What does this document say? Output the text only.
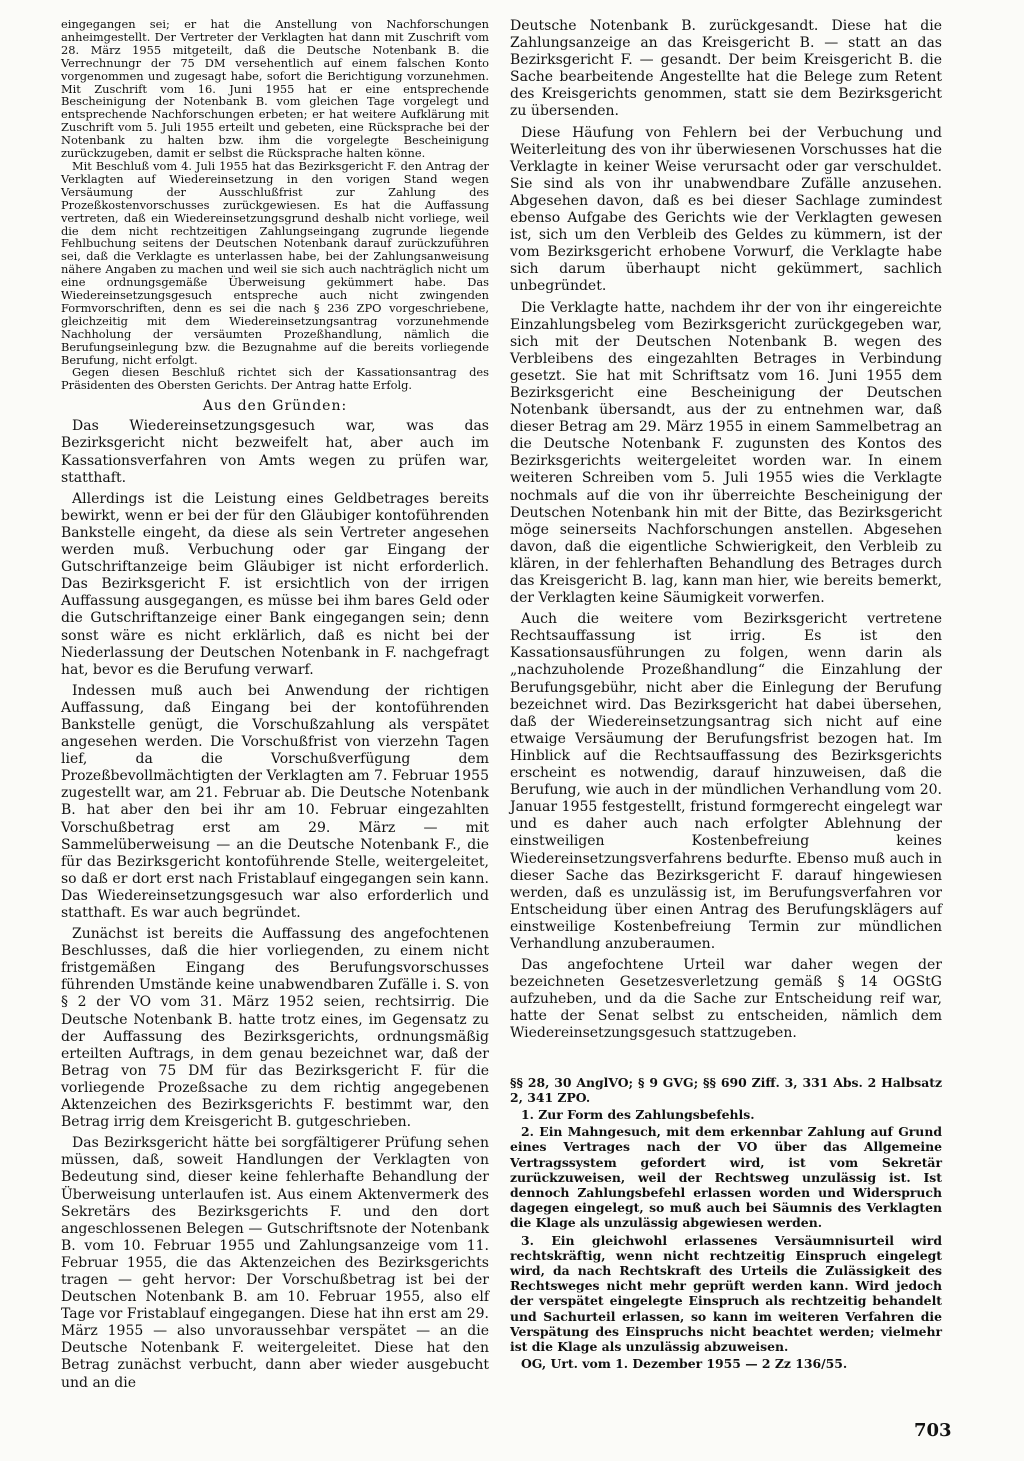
eingegangen sei; er hat die Anstellung von Nachforschungen anheimgestellt. Der Vertreter der Verklagten hat dann mit Zuschrift vom 28. März 1955 mitgeteilt, daß die Deutsche Notenbank B. die Verrechnungr der 75 DM versehentlich auf einem falschen Konto vorgenommen und zugesagt habe, sofort die Berichtigung vorzunehmen. Mit Zuschrift vom 16. Juni 1955 hat er eine entsprechende Bescheinigung der Notenbank B. vom gleichen Tage vorgelegt und entsprechende Nachforschungen erbeten; er hat weitere Aufklärung mit Zuschrift vom 5. Juli 1955 erteilt und gebeten, eine Rücksprache bei der Notenbank zu halten bzw. ihm die vorgelegte Bescheinigung zurückzugeben, damit er selbst die Rücksprache halten könne.

Mit Beschluß vom 4. Juli 1955 hat das Bezirksgericht F. den Antrag der Verklagten auf Wiedereinsetzung in den vorigen Stand wegen Versäumung der Ausschlußfrist zur Zahlung des Prozeßkostenvorschusses zurückgewiesen. Es hat die Auffassung vertreten, daß ein Wiedereinsetzungsgrund deshalb nicht vorliege, weil die dem nicht rechtzeitigen Zahlungseingang zugrunde liegende Fehlbuchung seitens der Deutschen Notenbank darauf zurückzuführen sei, daß die Verklagte es unterlassen habe, bei der Zahlungsanweisung nähere Angaben zu machen und weil sie sich auch nachträglich nicht um eine ordnungsgemäße Überweisung gekümmert habe. Das Wiedereinsetzungsgesuch entspreche auch nicht zwingenden Formvorschriften, denn es sei die nach § 236 ZPO vorgeschriebene, gleichzeitig mit dem Wiedereinsetzungsantrag vorzunehmende Nachholung der versäumten Prozeßhandlung, nämlich die Berufungseinlegung bzw. die Bezugnahme auf die bereits vorliegende Berufung, nicht erfolgt.

Gegen diesen Beschluß richtet sich der Kassationsantrag des Präsidenten des Obersten Gerichts. Der Antrag hatte Erfolg.

Aus den Gründen:

Das Wiedereinsetzungsgesuch war, was das Bezirksgericht nicht bezweifelt hat, aber auch im Kassationsverfahren von Amts wegen zu prüfen war, statthaft.

Allerdings ist die Leistung eines Geldbetrages bereits bewirkt, wenn er bei der für den Gläubiger kontoführenden Bankstelle eingeht, da diese als sein Vertreter angesehen werden muß. Verbuchung oder gar Eingang der Gutschriftanzeige beim Gläubiger ist nicht erforderlich. Das Bezirksgericht F. ist ersichtlich von der irrigen Auffassung ausgegangen, es müsse bei ihm bares Geld oder die Gutschriftanzeige einer Bank eingegangen sein; denn sonst wäre es nicht erklärlich, daß es nicht bei der Niederlassung der Deutschen Notenbank in F. nachgefragt hat, bevor es die Berufung verwarf.

Indessen muß auch bei Anwendung der richtigen Auffassung, daß Eingang bei der kontoführenden Bankstelle genügt, die Vorschußzahlung als verspätet angesehen werden. Die Vorschußfrist von vierzehn Tagen lief, da die Vorschußverfügung dem Prozeßbevollmächtigten der Verklagten am 7. Februar 1955 zugestellt war, am 21. Februar ab. Die Deutsche Notenbank B. hat aber den bei ihr am 10. Februar eingezahlten Vorschußbetrag erst am 29. März — mit Sammelüberweisung — an die Deutsche Notenbank F., die für das Bezirksgericht kontoführende Stelle, weitergeleitet, so daß er dort erst nach Fristablauf eingegangen sein kann. Das Wiedereinsetzungsgesuch war also erforderlich und statthaft. Es war auch begründet.

Zunächst ist bereits die Auffassung des angefochtenen Beschlusses, daß die hier vorliegenden, zu einem nicht fristgemäßen Eingang des Berufungsvorschusses führenden Umstände keine unabwendbaren Zufälle i. S. von § 2 der VO vom 31. März 1952 seien, rechtsirrig. Die Deutsche Notenbank B. hatte trotz eines, im Gegensatz zu der Auffassung des Bezirksgerichts, ordnungsmäßig erteilten Auftrags, in dem genau bezeichnet war, daß der Betrag von 75 DM für das Bezirksgericht F. für die vorliegende Prozeßsache zu dem richtig angegebenen Aktenzeichen des Bezirksgerichts F. bestimmt war, den Betrag irrig dem Kreisgericht B. gutgeschrieben.

Das Bezirksgericht hätte bei sorgfältigerer Prüfung sehen müssen, daß, soweit Handlungen der Verklagten von Bedeutung sind, dieser keine fehlerhafte Behandlung der Überweisung unterlaufen ist. Aus einem Aktenvermerk des Sekretärs des Bezirksgerichts F. und den dort angeschlossenen Belegen — Gutschriftsnote der Notenbank B. vom 10. Februar 1955 und Zahlungsanzeige vom 11. Februar 1955, die das Aktenzeichen des Bezirksgerichts tragen — geht hervor: Der Vorschußbetrag ist bei der Deutschen Notenbank B. am 10. Februar 1955, also elf Tage vor Fristablauf eingegangen. Diese hat ihn erst am 29. März 1955 — also unvoraussehbar verspätet — an die Deutsche Notenbank F. weitergeleitet. Diese hat den Betrag zunächst verbucht, dann aber wieder ausgebucht und an die

Deutsche Notenbank B. zurückgesandt. Diese hat die Zahlungsanzeige an das Kreisgericht B. — statt an das Bezirksgericht F. — gesandt. Der beim Kreisgericht B. die Sache bearbeitende Angestellte hat die Belege zum Retent des Kreisgerichts genommen, statt sie dem Bezirksgericht zu übersenden.

Diese Häufung von Fehlern bei der Verbuchung und Weiterleitung des von ihr überwiesenen Vorschusses hat die Verklagte in keiner Weise verursacht oder gar verschuldet. Sie sind als von ihr unabwendbare Zufälle anzusehen. Abgesehen davon, daß es bei dieser Sachlage zumindest ebenso Aufgabe des Gerichts wie der Verklagten gewesen ist, sich um den Verbleib des Geldes zu kümmern, ist der vom Bezirksgericht erhobene Vorwurf, die Verklagte habe sich darum überhaupt nicht gekümmert, sachlich unbegründet.

Die Verklagte hatte, nachdem ihr der von ihr eingereichte Einzahlungsbeleg vom Bezirksgericht zurückgegeben war, sich mit der Deutschen Notenbank B. wegen des Verbleibens des eingezahlten Betrages in Verbindung gesetzt. Sie hat mit Schriftsatz vom 16. Juni 1955 dem Bezirksgericht eine Bescheinigung der Deutschen Notenbank übersandt, aus der zu entnehmen war, daß dieser Betrag am 29. März 1955 in einem Sammelbetrag an die Deutsche Notenbank F. zugunsten des Kontos des Bezirksgerichts weitergeleitet worden war. In einem weiteren Schreiben vom 5. Juli 1955 wies die Verklagte nochmals auf die von ihr überreichte Bescheinigung der Deutschen Notenbank hin mit der Bitte, das Bezirksgericht möge seinerseits Nachforschungen anstellen. Abgesehen davon, daß die eigentliche Schwierigkeit, den Verbleib zu klären, in der fehlerhaften Behandlung des Betrages durch das Kreisgericht B. lag, kann man hier, wie bereits bemerkt, der Verklagten keine Säumigkeit vorwerfen.

Auch die weitere vom Bezirksgericht vertretene Rechtsauffassung ist irrig. Es ist den Kassationsausführungen zu folgen, wenn darin als „nachzuholende Prozeßhandlung“ die Einzahlung der Berufungsgebühr, nicht aber die Einlegung der Berufung bezeichnet wird. Das Bezirksgericht hat dabei übersehen, daß der Wiedereinsetzungsantrag sich nicht auf eine etwaige Versäumung der Berufungsfrist bezogen hat. Im Hinblick auf die Rechtsauffassung des Bezirksgerichts erscheint es notwendig, darauf hinzuweisen, daß die Berufung, wie auch in der mündlichen Verhandlung vom 20. Januar 1955 festgestellt, fristund formgerecht eingelegt war und es daher auch nach erfolgter Ablehnung der einstweiligen Kostenbefreiung keines Wiedereinsetzungsverfahrens bedurfte. Ebenso muß auch in dieser Sache das Bezirksgericht F. darauf hingewiesen werden, daß es unzulässig ist, im Berufungsverfahren vor Entscheidung über einen Antrag des Berufungsklägers auf einstweilige Kostenbefreiung Termin zur mündlichen Verhandlung anzuberaumen.

Das angefochtene Urteil war daher wegen der bezeichneten Gesetzesverletzung gemäß § 14 OGStG aufzuheben, und da die Sache zur Entscheidung reif war, hatte der Senat selbst zu entscheiden, nämlich dem Wiedereinsetzungsgesuch stattzugeben.

§§ 28, 30 AnglVO; § 9 GVG; §§ 690 Ziff. 3, 331 Abs. 2 Halbsatz 2, 341 ZPO.

1. Zur Form des Zahlungsbefehls.

2. Ein Mahngesuch, mit dem erkennbar Zahlung auf Grund eines Vertrages nach der VO über das Allgemeine Vertragssystem gefordert wird, ist vom Sekretär zurückzuweisen, weil der Rechtsweg unzulässig ist. Ist dennoch Zahlungsbefehl erlassen worden und Widerspruch dagegen eingelegt, so muß auch bei Säumnis des Verklagten die Klage als unzulässig abgewiesen werden.

3. Ein gleichwohl erlassenes Versäumnisurteil wird rechtskräftig, wenn nicht rechtzeitig Einspruch eingelegt wird, da nach Rechtskraft des Urteils die Zulässigkeit des Rechtsweges nicht mehr geprüft werden kann. Wird jedoch der verspätet eingelegte Einspruch als rechtzeitig behandelt und Sachurteil erlassen, so kann im weiteren Verfahren die Verspätung des Einspruchs nicht beachtet werden; vielmehr ist die Klage als unzulässig abzuweisen.

OG, Urt. vom 1. Dezember 1955 — 2 Zz 136/55.

703
